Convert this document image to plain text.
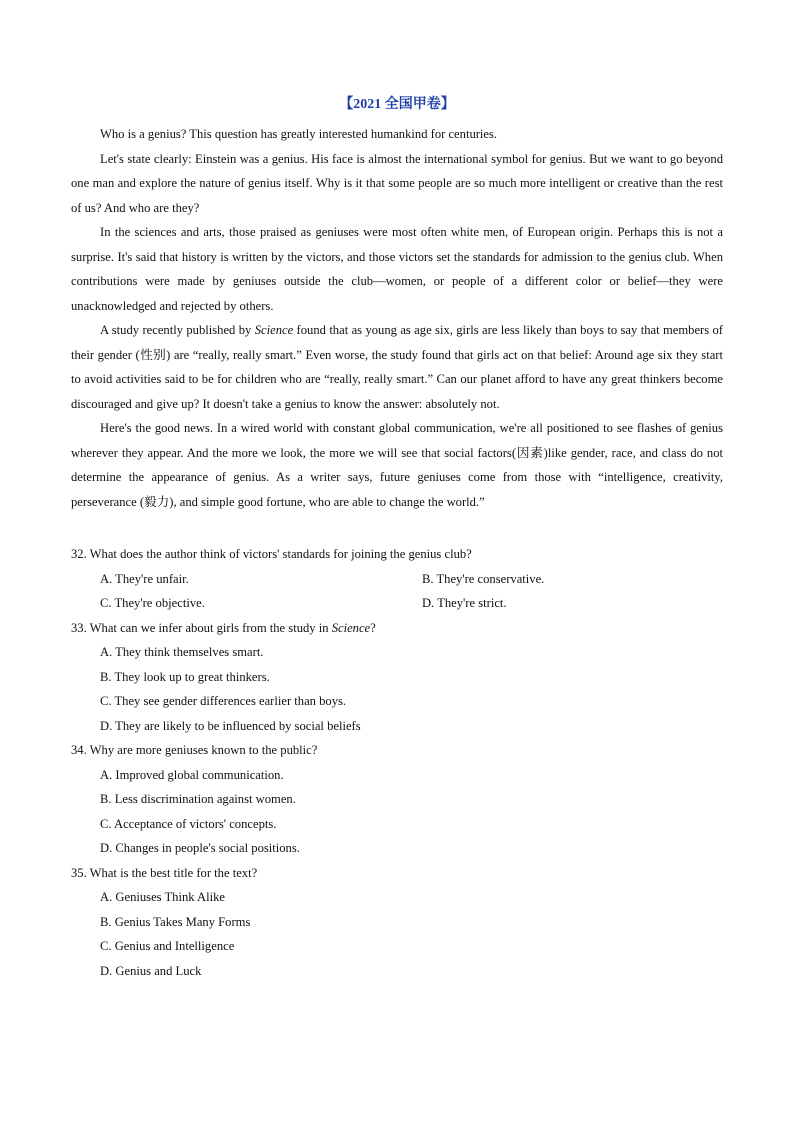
【2021 全国甲卷】

Who is a genius? This question has greatly interested humankind for centuries.

Let's state clearly: Einstein was a genius. His face is almost the international symbol for genius. But we want to go beyond one man and explore the nature of genius itself. Why is it that some people are so much more intelligent or creative than the rest of us? And who are they?

In the sciences and arts, those praised as geniuses were most often white men, of European origin. Perhaps this is not a surprise. It's said that history is written by the victors, and those victors set the standards for admission to the genius club. When contributions were made by geniuses outside the club—women, or people of a different color or belief—they were unacknowledged and rejected by others.

A study recently published by Science found that as young as age six, girls are less likely than boys to say that members of their gender (性别) are “really, really smart.” Even worse, the study found that girls act on that belief: Around age six they start to avoid activities said to be for children who are “really, really smart.” Can our planet afford to have any great thinkers become discouraged and give up? It doesn't take a genius to know the answer: absolutely not.

Here's the good news. In a wired world with constant global communication, we're all positioned to see flashes of genius wherever they appear. And the more we look, the more we will see that social factors(因素)like gender, race, and class do not determine the appearance of genius. As a writer says, future geniuses come from those with “intelligence, creativity, perseverance (毅力), and simple good fortune, who are able to change the world.”

32. What does the author think of victors' standards for joining the genius club?

A. They're unfair.	B. They're conservative.

C. They're objective.	D. They're strict.

33. What can we infer about girls from the study in Science?

A. They think themselves smart.

B. They look up to great thinkers.

C. They see gender differences earlier than boys.

D. They are likely to be influenced by social beliefs

34. Why are more geniuses known to the public?

A. Improved global communication.

B. Less discrimination against women.

C. Acceptance of victors' concepts.

D. Changes in people's social positions.

35. What is the best title for the text?

A. Geniuses Think Alike

B. Genius Takes Many Forms

C. Genius and Intelligence

D. Genius and Luck
